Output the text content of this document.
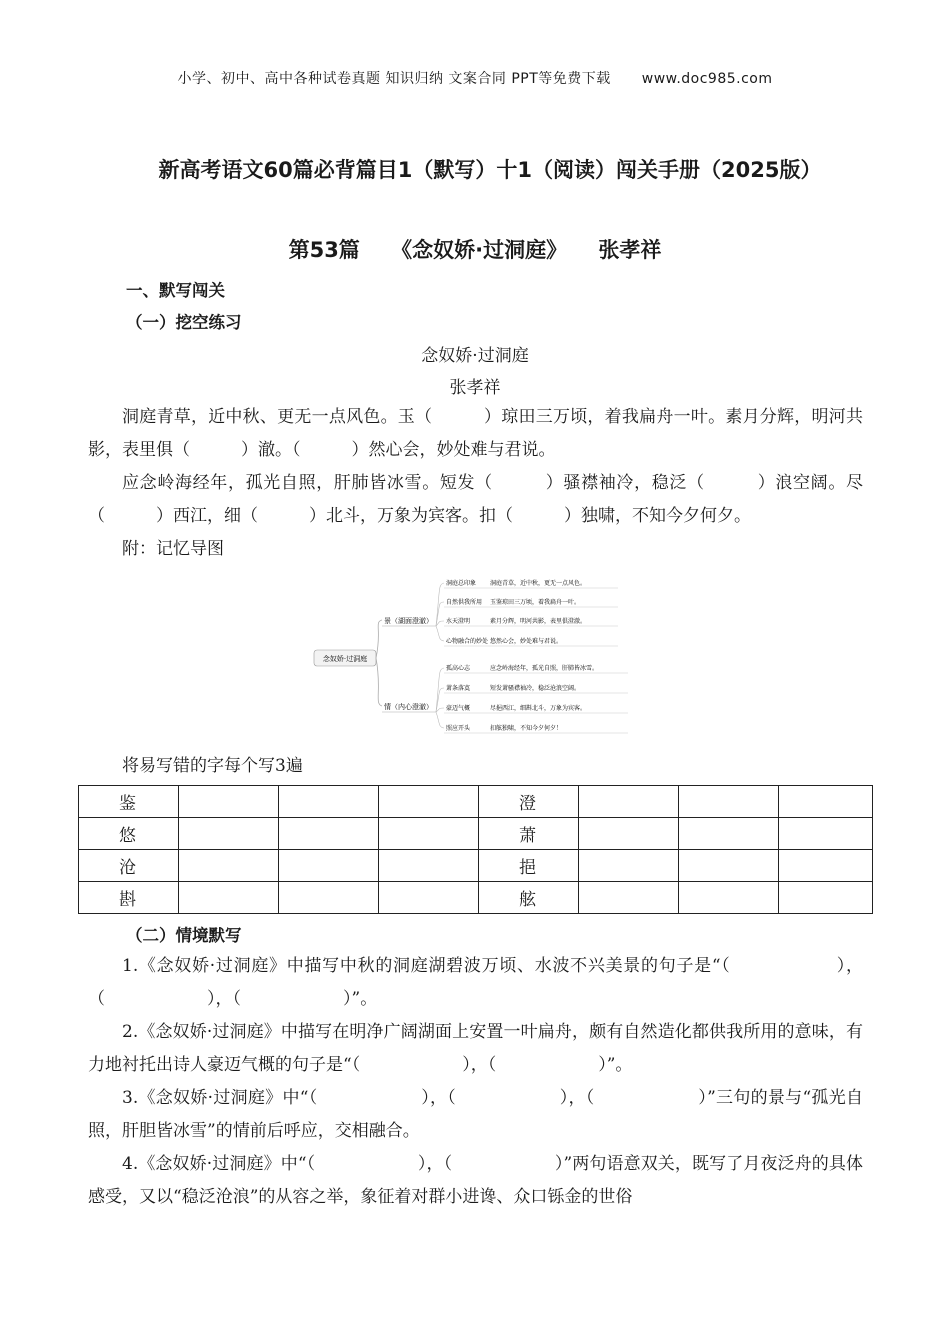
小学、初中、高中各种试卷真题 知识归纳 文案合同 PPT等免费下载 www.doc985.com
新高考语文60篇必背篇目1（默写）十1（阅读）闯关手册（2025版）
第53篇 《念奴娇·过洞庭》 张孝祥
一、默写闯关
（一）挖空练习
念奴娇·过洞庭
张孝祥

洞庭青草，近中秋、更无一点风色。玉（　　　）琼田三万顷，着我扁舟一叶。素月分辉，明河共影，表里俱（　　　）澈。（　　　）然心会，妙处难与君说。

应念岭海经年，孤光自照，肝肺皆冰雪。短发（　　　）骚襟袖冷，稳泛（　　　）浪空阔。尽（　　　）西江，细（　　　）北斗，万象为宾客。扣（　　　）独啸，不知今夕何夕。

附：记忆导图

念奴娇·过洞庭
景（湖面澄澈）
洞庭总印象 洞庭青草，近中秋，更无一点风色。
自然供我所用 玉鉴琼田三万顷，着我扁舟一叶。
水天澄明	素月分辉，明河共影，表里俱澄澈。
心物融合的妙处 悠然心会，妙处难与君说。
情（内心澄澈）
孤高心志	应念岭海经年，孤光自照，肝肺皆冰雪。
萧条落寞	短发萧骚襟袖冷，稳泛沧浪空阔。
豪迈气概	尽挹西江，细斟北斗，万象为宾客。
照应开头	扣舷独啸，不知今夕何夕！

将易写错的字每个写3遍

鉴				澄			
悠				萧			
沧				挹			
斟				舷			
（二）情境默写

1.《念奴娇·过洞庭》中描写中秋的洞庭湖碧波万顷、水波不兴美景的句子是“（　　　　　　），（　　　　　　），（　　　　　　）”。

2.《念奴娇·过洞庭》中描写在明净广阔湖面上安置一叶扁舟，颇有自然造化都供我所用的意味，有力地衬托出诗人豪迈气概的句子是“（　　　　　　），（　　　　　　）”。

3.《念奴娇·过洞庭》中“（　　　　　　），（　　　　　　），（　　　　　　）”三句的景与“孤光自照，肝胆皆冰雪”的情前后呼应，交相融合。

4.《念奴娇·过洞庭》中“（　　　　　　），（　　　　　　）”两句语意双关，既写了月夜泛舟的具体感受，又以“稳泛沧浪”的从容之举，象征着对群小进谗、众口铄金的世俗
